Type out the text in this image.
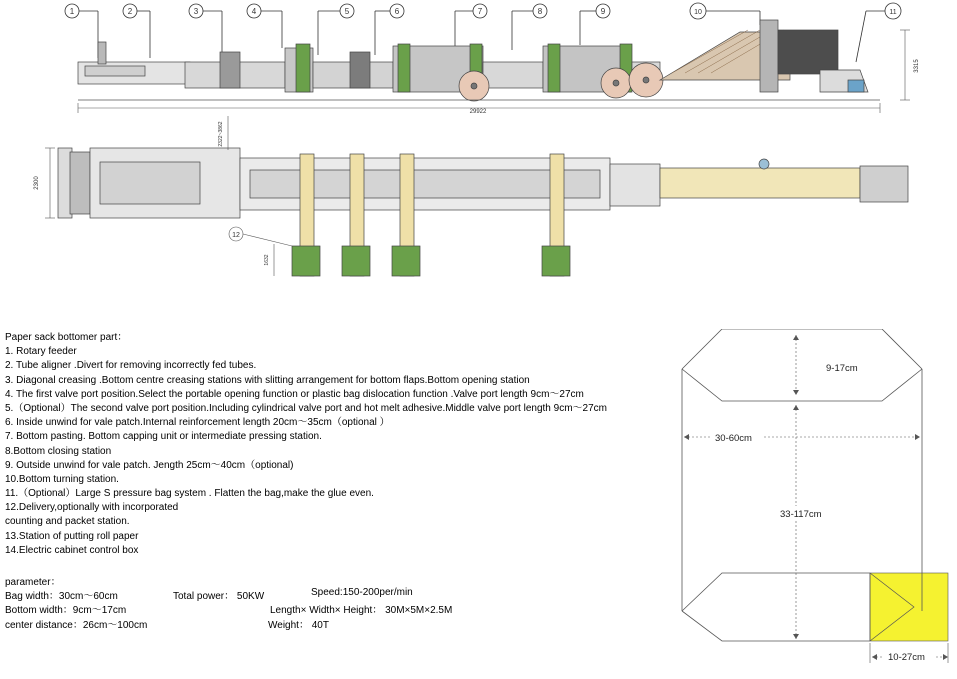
1	2	3	4	5	6	7	8	9	10	11
29922
3315
2300
2322~3862
1632
12
Paper sack bottomer part：
1. Rotary feeder
2. Tube aligner .Divert for removing incorrectly fed tubes.
3. Diagonal creasing .Bottom centre creasing stations with slitting arrangement for bottom flaps.Bottom opening station
4. The first valve port position.Select the portable opening function or plastic bag dislocation function .Valve port length 9cm〜27cm
5.（Optional）The second valve port position.Including cylindrical valve port and hot melt adhesive.Middle valve port length 9cm〜27cm
6. Inside unwind for vale patch.Internal reinforcement length 20cm〜35cm（optional ）
7. Bottom pasting. Bottom capping unit or intermediate pressing station.
8.Bottom closing station
9. Outside unwind for vale patch. Jength 25cm〜40cm（optional)
10.Bottom turning station.
11.（Optional）Large S pressure bag system . Flatten the bag,make the glue even.
12.Delivery,optionally with incorporated
counting and packet station.
13.Station of putting roll paper
14.Electric cabinet control box
parameter：
Bag width：30cm〜60cm	Total power： 50KW	Speed:150-200per/min
Bottom width：9cm〜17cm	Length× Width× Height： 30M×5M×2.5M
center distance：26cm〜100cm	Weight： 40T
9-17cm
30-60cm
33-117cm
10-27cm
